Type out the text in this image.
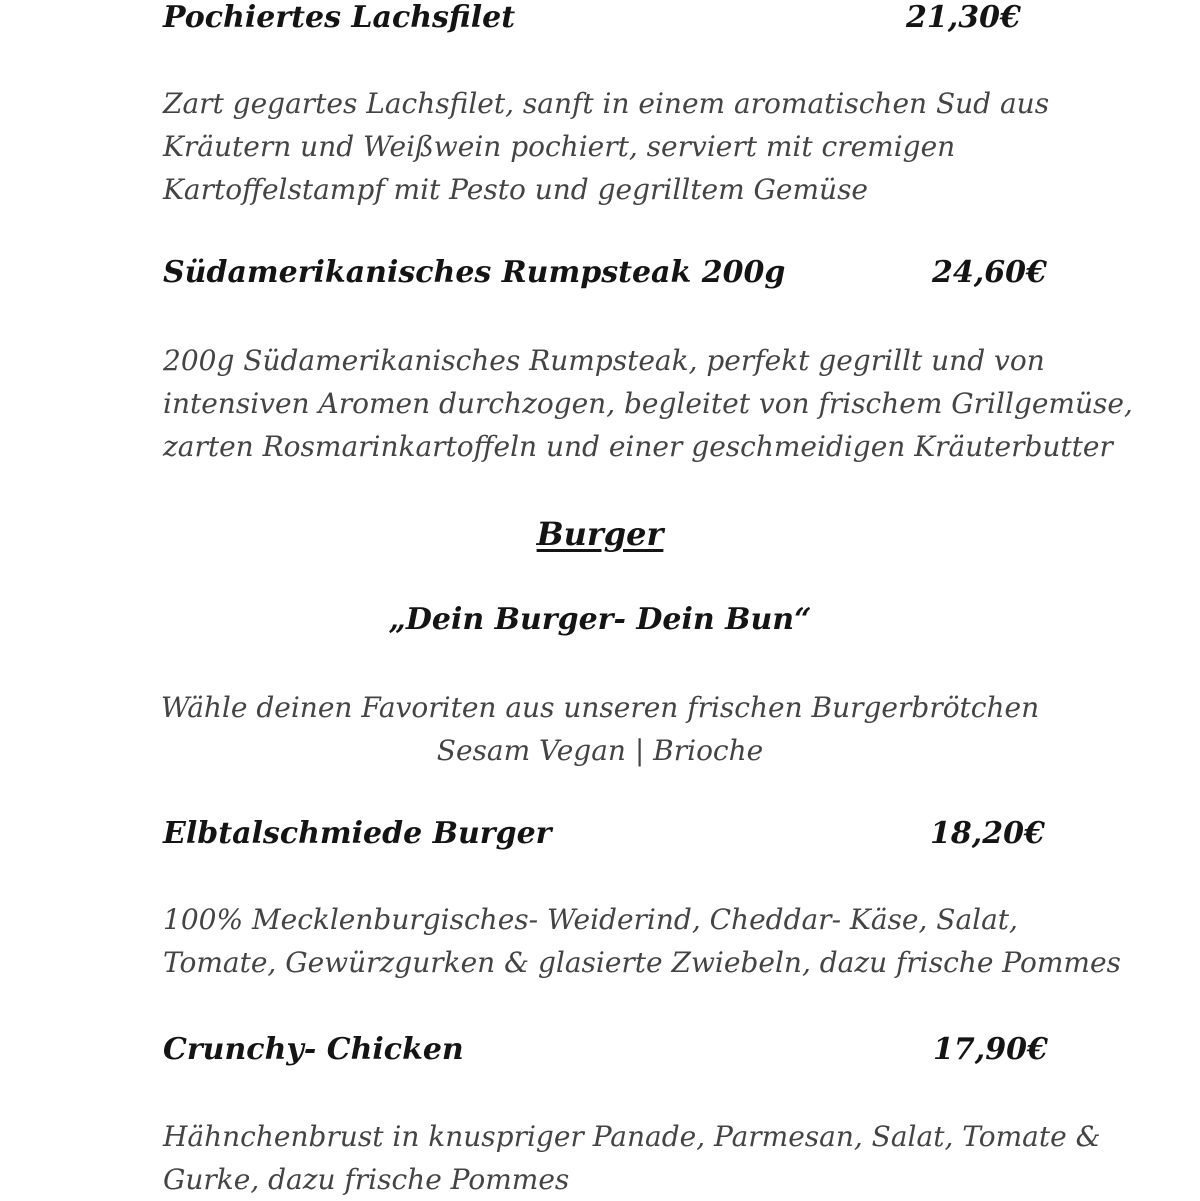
Pochiertes Lachsfilet	21,30€
Zart gegartes Lachsfilet, sanft in einem aromatischen Sud aus
Kräutern und Weißwein pochiert, serviert mit cremigen
Kartoffelstampf mit Pesto und gegrilltem Gemüse
Südamerikanisches Rumpsteak 200g	24,60€
200g Südamerikanisches Rumpsteak, perfekt gegrillt und von
intensiven Aromen durchzogen, begleitet von frischem Grillgemüse,
zarten Rosmarinkartoffeln und einer geschmeidigen Kräuterbutter
Burger
„Dein Burger- Dein Bun“
Wähle deinen Favoriten aus unseren frischen Burgerbrötchen
Sesam Vegan | Brioche
Elbtalschmiede Burger	18,20€
100% Mecklenburgisches- Weiderind, Cheddar- Käse, Salat,
Tomate, Gewürzgurken & glasierte Zwiebeln, dazu frische Pommes
Crunchy- Chicken	17,90€
Hähnchenbrust in knuspriger Panade, Parmesan, Salat, Tomate &
Gurke, dazu frische Pommes
